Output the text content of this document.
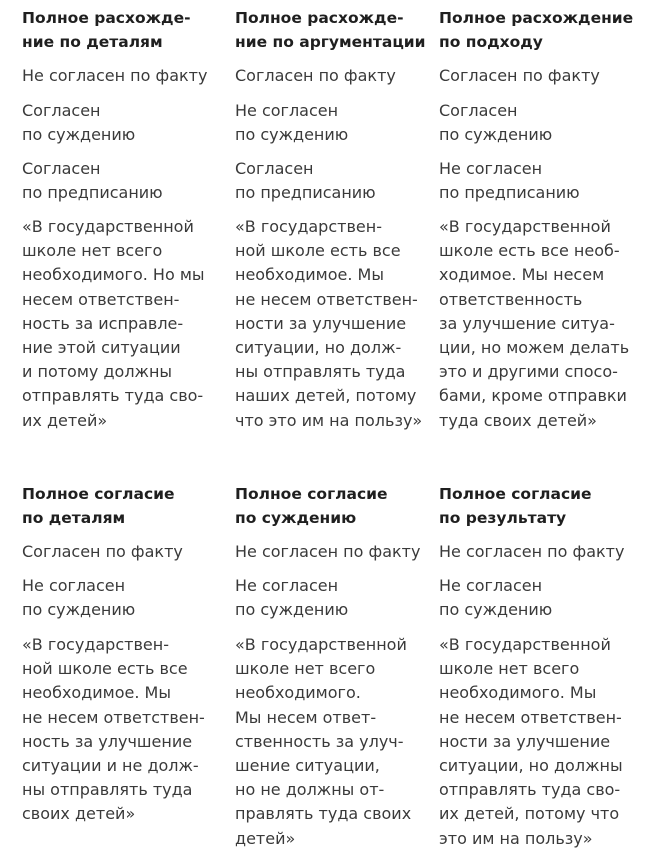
Полное расхожде-
ние по деталям

Не согласен по факту

Согласен
по суждению

Согласен
по предписанию

«В государственной
школе нет всего
необходимого. Но мы
несем ответствен-
ность за исправле-
ние этой ситуации
и потому должны
отправлять туда сво-
их детей»

Полное расхожде-
ние по аргументации

Согласен по факту

Не согласен
по суждению

Согласен
по предписанию

«В государствен-
ной школе есть все
необходимое. Мы
не несем ответствен-
ности за улучшение
ситуации, но долж-
ны отправлять туда
наших детей, потому
что это им на пользу»

Полное расхождение
по подходу

Согласен по факту

Согласен
по суждению

Не согласен
по предписанию

«В государственной
школе есть все необ-
ходимое. Мы несем
ответственность
за улучшение ситуа-
ции, но можем делать
это и другими спосо-
бами, кроме отправки
туда своих детей»

Полное согласие
по деталям

Согласен по факту

Не согласен
по суждению

«В государствен-
ной школе есть все
необходимое. Мы
не несем ответствен-
ность за улучшение
ситуации и не долж-
ны отправлять туда
своих детей»

Полное согласие
по суждению

Не согласен по факту

Не согласен
по суждению

«В государственной
школе нет всего
необходимого.
Мы несем ответ-
ственность за улуч-
шение ситуации,
но не должны от-
правлять туда своих
детей»

Полное согласие
по результату

Не согласен по факту

Не согласен
по суждению

«В государственной
школе нет всего
необходимого. Мы
не несем ответствен-
ности за улучшение
ситуации, но должны
отправлять туда сво-
их детей, потому что
это им на пользу»
